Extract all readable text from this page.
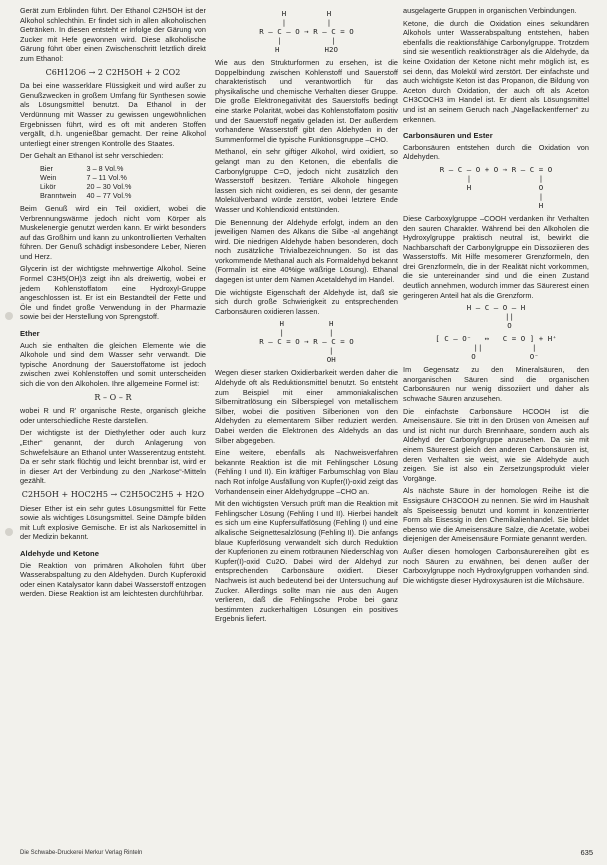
Gerät zum Erblinden führt. Der Ethanol C2H5OH ist der Alkohol schlechthin. Er findet sich in allen alkoholischen Getränken. In diesen entsteht er infolge der Gärung von Zucker mit Hefe gewonnen wird. Diese alkoholische Gärung führt über einen Zwischenschritt letztlich direkt zum Ethanol:

C6H12O6 → 2 C2H5OH + 2 CO2

Da bei eine wasserklare Flüssigkeit und wird außer zu Genußzwecken in großem Umfang für Synthesen sowie als Lösungsmittel benutzt. Da Ethanol in der Verdünnung mit Wasser zu gewissen ungewöhnlichen Ergebnissen führt, wird es oft mit anderen Stoffen vergällt, d.h. ungenießbar gemacht. Der reine Alkohol unterliegt einer strengen Kontrolle des Staates.

Der Gehalt an Ethanol ist sehr verschieden:

Bier	3 – 8 Vol.%
Wein	7 – 11 Vol.%
Likör	20 – 30 Vol.%
Branntwein	40 – 77 Vol.%

Beim Genuß wird ein Teil oxidiert, wobei die Verbrennungswärme jedoch nicht vom Körper als Muskelenergie genutzt werden kann. Er wirkt besonders auf das Großhirn und kann zu unkontrollierten Verhalten führen. Der Genuß schädigt insbesondere Leber, Nieren und Herz.

Glycerin ist der wichtigste mehrwertige Alkohol. Seine Formel C3H5(OH)3 zeigt ihn als dreiwertig, wobei er jedem Kohlenstoffatom eine Hydroxyl-Gruppe angeschlossen ist. Er ist ein Bestandteil der Fette und Öle und findet große Verwendung in der Pharmazie sowie bei der Herstellung von Sprengstoff.

Ether

Auch sie enthalten die gleichen Elemente wie die Alkohole und sind dem Wasser sehr verwandt. Die typische Anordnung der Sauerstoffatome ist jedoch zwischen zwei Kohlenstoffen und somit unterscheiden sich die von den Alkoholen. Ihre allgemeine Formel ist:

R – O – R

wobei R und R' organische Reste, organisch gleiche oder unterschiedliche Reste darstellen.

Der wichtigste ist der Diethylether oder auch kurz „Ether“ genannt, der durch Anlagerung von Schwefelsäure an Ethanol unter Wasserentzug entsteht. Da er sehr stark flüchtig und leicht brennbar ist, wird er in dieser Art der Verbindung zu den „Narkose“-Mitteln gezählt.

C2H5OH + HOC2H5 → C2H5OC2H5 + H2O

Dieser Ether ist ein sehr gutes Lösungsmittel für Fette sowie als wichtiges Lösungsmittel. Seine Dämpfe bilden mit Luft explosive Gemische. Er ist als Narkosemittel in der Medizin bekannt.

Aldehyde und Ketone

Die Reaktion von primären Alkoholen führt über Wasserabspaltung zu den Aldehyden. Durch Kupferoxid oder einen Katalysator kann dabei Wasserstoff entzogen werden. Diese Reaktion ist am leichtesten durchführbar.

H         H
|         |
R – C – O → R – C = O
|           |
H          H2O

Wie aus den Strukturformen zu ersehen, ist die Doppelbindung zwischen Kohlenstoff und Sauerstoff charakteristisch und verantwortlich für das physikalische und chemische Verhalten dieser Gruppe. Die große Elektronegativität des Sauerstoffs bedingt eine starke Polarität, wobei das Kohlenstoffatom positiv und der Sauerstoff negativ geladen ist. Der außerdem vorhandene Wasserstoff gibt den Aldehyden in der Summenformel die typische Funktionsgruppe –CHO.

Methanol, ein sehr giftiger Alkohol, wird oxidiert, so gelangt man zu den Ketonen, die ebenfalls die Carbonylgruppe C=O, jedoch nicht zusätzlich den Wasserstoff besitzen. Tertiäre Alkohole hingegen lassen sich nicht oxidieren, es sei denn, der gesamte Molekülverband würde zerstört, wobei letztere Ende Wasser und Kohlendioxid entstünden.

Die Benennung der Aldehyde erfolgt, indem an den jeweiligen Namen des Alkans die Silbe -al angehängt wird. Die niedrigen Aldehyde haben besonderen, doch noch zusätzliche Trivialbezeichnungen. So ist das vorkommende Methanal auch als Formaldehyd bekannt (Formalin ist eine 40%ige wäßrige Lösung). Ethanal dagegen ist unter dem Namen Acetaldehyd im Handel.

Die wichtigste Eigenschaft der Aldehyde ist, daß sie sich durch große Schwierigkeit zu entsprechenden Carbonsäuren oxidieren lassen.

H          H
|          |
R – C = O → R – C = O
|
OH

Wegen dieser starken Oxidierbarkeit werden daher die Aldehyde oft als Reduktionsmittel benutzt. So entsteht zum Beispiel mit einer ammoniakalischen Silbernitratlösung ein Silberspiegel von metallischem Silber, wobei die positiven Silberionen von den Aldehyden zu elementarem Silber reduziert werden. Dabei werden die Elektronen des Aldehyds an das Silber abgegeben.

Eine weitere, ebenfalls als Nachweisverfahren bekannte Reaktion ist die mit Fehlingscher Lösung (Fehling I und II). Ein kräftiger Farbumschlag von Blau nach Rot infolge Ausfällung von Kupfer(I)-oxid zeigt das Vorhandensein einer Aldehydgruppe –CHO an.

Mit den wichtigsten Versuch prüft man die Reaktion mit Fehlingscher Lösung (Fehling I und II). Hierbei handelt es sich um eine Kupfersulfatlösung (Fehling I) und eine alkalische Seignettesalzlösung (Fehling II). Die anfangs blaue Kupferlösung verwandelt sich durch Reduktion der Kupferionen zu einem rotbraunen Niederschlag von Kupfer(I)-oxid Cu2O. Dabei wird der Aldehyd zur entsprechenden Carbonsäure oxidiert. Dieser Nachweis ist auch bedeutend bei der Untersuchung auf Zucker. Allerdings sollte man nie aus den Augen verlieren, daß die Fehlingsche Probe bei ganz bestimmten zuckerhaltigen Lösungen ein positives Ergebnis liefert.

ausgelagerte Gruppen in organischen Verbindungen.

Ketone, die durch die Oxidation eines sekundären Alkohols unter Wasserabspaltung entstehen, haben ebenfalls die reaktionsfähige Carbonylgruppe. Trotzdem sind sie wesentlich reaktionsträger als die Aldehyde, da keine Oxidation der Ketone nicht mehr möglich ist, es sei denn, das Molekül wird zerstört. Der einfachste und auch wichtigste Keton ist das Propanon, die Bildung von Aceton durch Oxidation, der auch oft als Aceton CH3COCH3 im Handel ist. Er dient als Lösungsmittel und ist an seinem Geruch nach „Nagellackentferner“ zu erkennen.

Carbonsäuren und Ester

Carbonsäuren entstehen durch die Oxidation von Aldehyden.

R – C – O + O → R – C = O
|               |
H               O
|
H

Diese Carboxylgruppe –COOH verdanken ihr Verhalten den sauren Charakter. Während bei den Alkoholen die Hydroxylgruppe praktisch neutral ist, bewirkt die Nachbarschaft der Carbonylgruppe ein Dissoziieren des Wasserstoffs. Mit Hilfe mesomerer Grenzformeln, den drei Grenzformeln, die in der Realität nicht vorkommen, die sie untereinander sind und die einen Zustand deutlich annehmen, wodurch immer das Säurerest einen geringeren Anteil hat als die Grenzform.

H – C – O – H
||
O
[ C – O⁻   ↔   C = O ] + H⁺
||           |
O            O⁻

Im Gegensatz zu den Mineralsäuren, den anorganischen Säuren sind die organischen Carbonsäuren nur wenig dissoziiert und daher als schwache Säuren anzusehen.

Die einfachste Carbonsäure HCOOH ist die Ameisensäure. Sie tritt in den Drüsen von Ameisen auf und ist nicht nur durch Brennhaare, sondern auch als Aldehyd der Carbonylgruppe anzusehen. Da sie mit einem Säurerest gleich den anderen Carbonsäuren ist, deren Verhalten sie weist, wie sie Aldehyde auch zeigen. Sie ist also ein Zersetzungsprodukt vieler Vorgänge.

Als nächste Säure in der homologen Reihe ist die Essigsäure CH3COOH zu nennen. Sie wird im Haushalt als Speiseessig benutzt und kommt in konzentrierter Form als Eisessig in den Chemikalienhandel. Sie bildet ebenso wie die Ameisensäure Salze, die Acetate, wobei diejenigen der Ameisensäure Formiate genannt werden.

Außer diesen homologen Carbonsäurereihen gibt es noch Säuren zu erwähnen, bei denen außer der Carboxylgruppe noch Hydroxylgruppen vorhanden sind. Die wichtigste dieser Hydroxysäuren ist die Milchsäure.

Die Schwabe-Druckerei Merkur Verlag Rinteln	635
